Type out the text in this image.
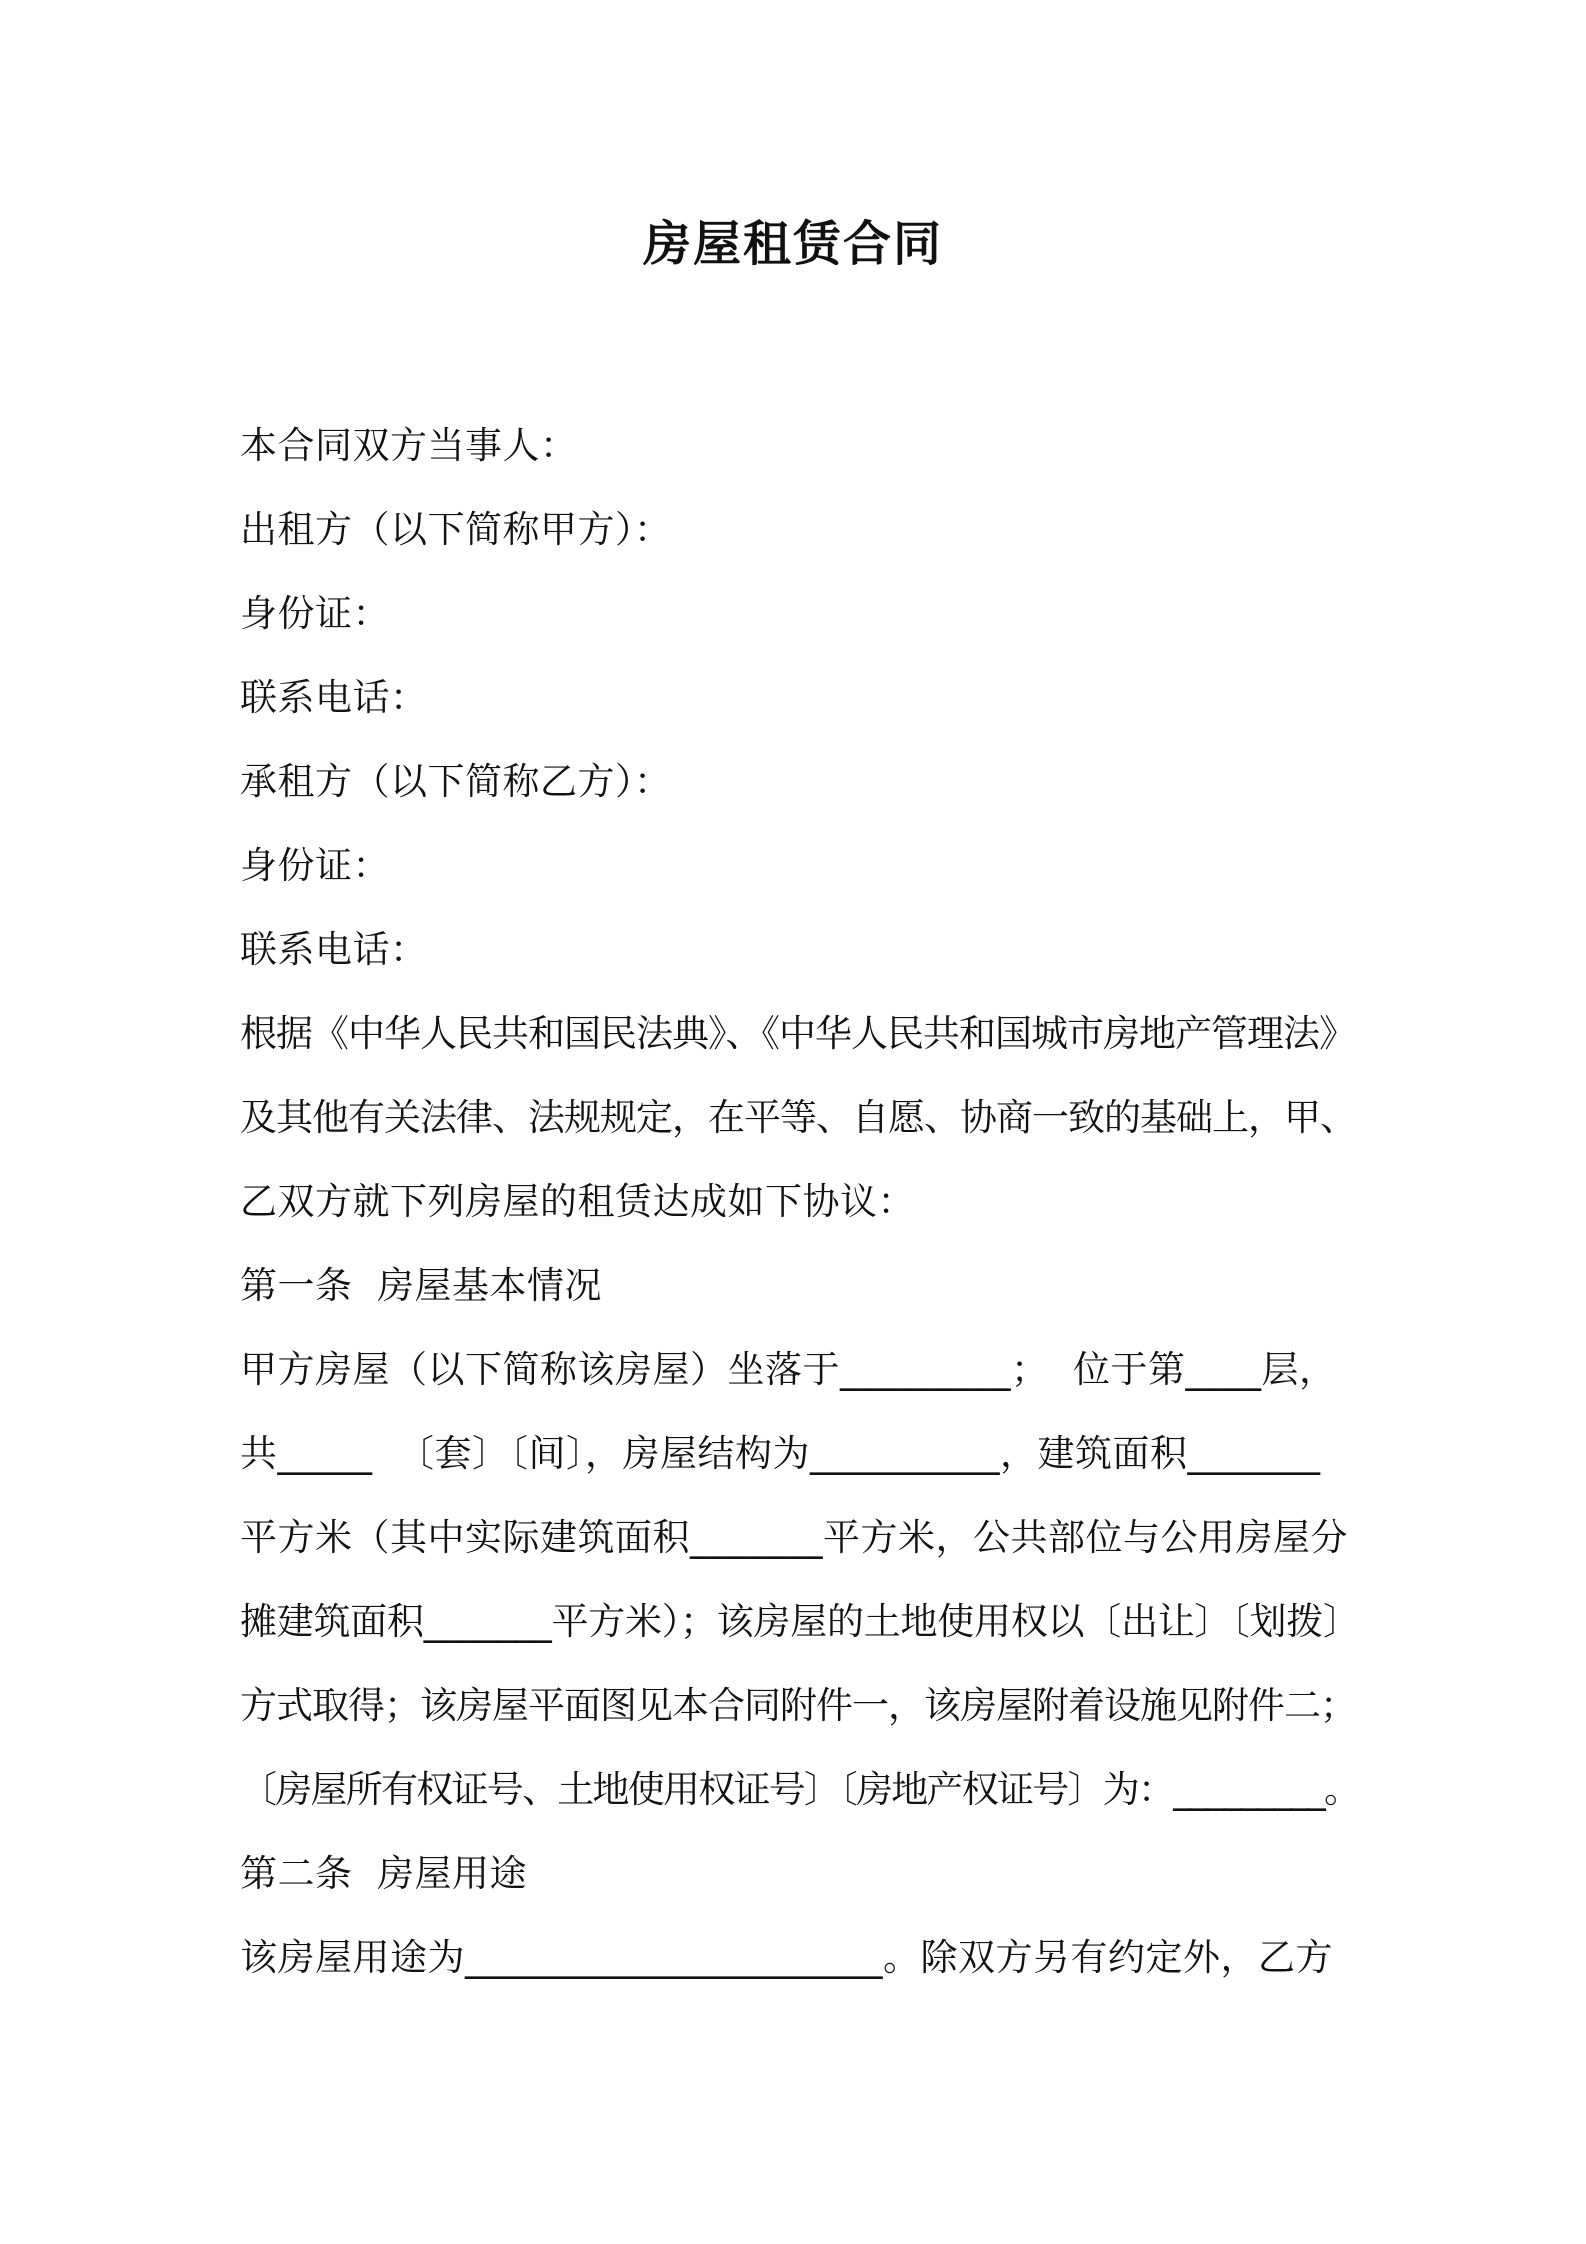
房屋租赁合同
本合同双方当事人：
出租方（以下简称甲方）：
身份证：
联系电话：
承租方（以下简称乙方）：
身份证：
联系电话：
根据《中华人民共和国民法典》、《中华人民共和国城市房地产管理法》
及其他有关法律、法规规定，在平等、自愿、协商一致的基础上，甲、
乙双方就下列房屋的租赁达成如下协议：
第一条  房屋基本情况
甲方房屋（以下简称该房屋）坐落于_________；  位于第____层，
共_____  〔套〕〔间〕，房屋结构为__________，建筑面积_______
平方米（其中实际建筑面积_______平方米，公共部位与公用房屋分
摊建筑面积_______平方米）；该房屋的土地使用权以〔出让〕〔划拨〕
方式取得；该房屋平面图见本合同附件一，该房屋附着设施见附件二；
〔房屋所有权证号、土地使用权证号〕〔房地产权证号〕为：_________。
第二条  房屋用途
该房屋用途为______________________。除双方另有约定外，乙方
